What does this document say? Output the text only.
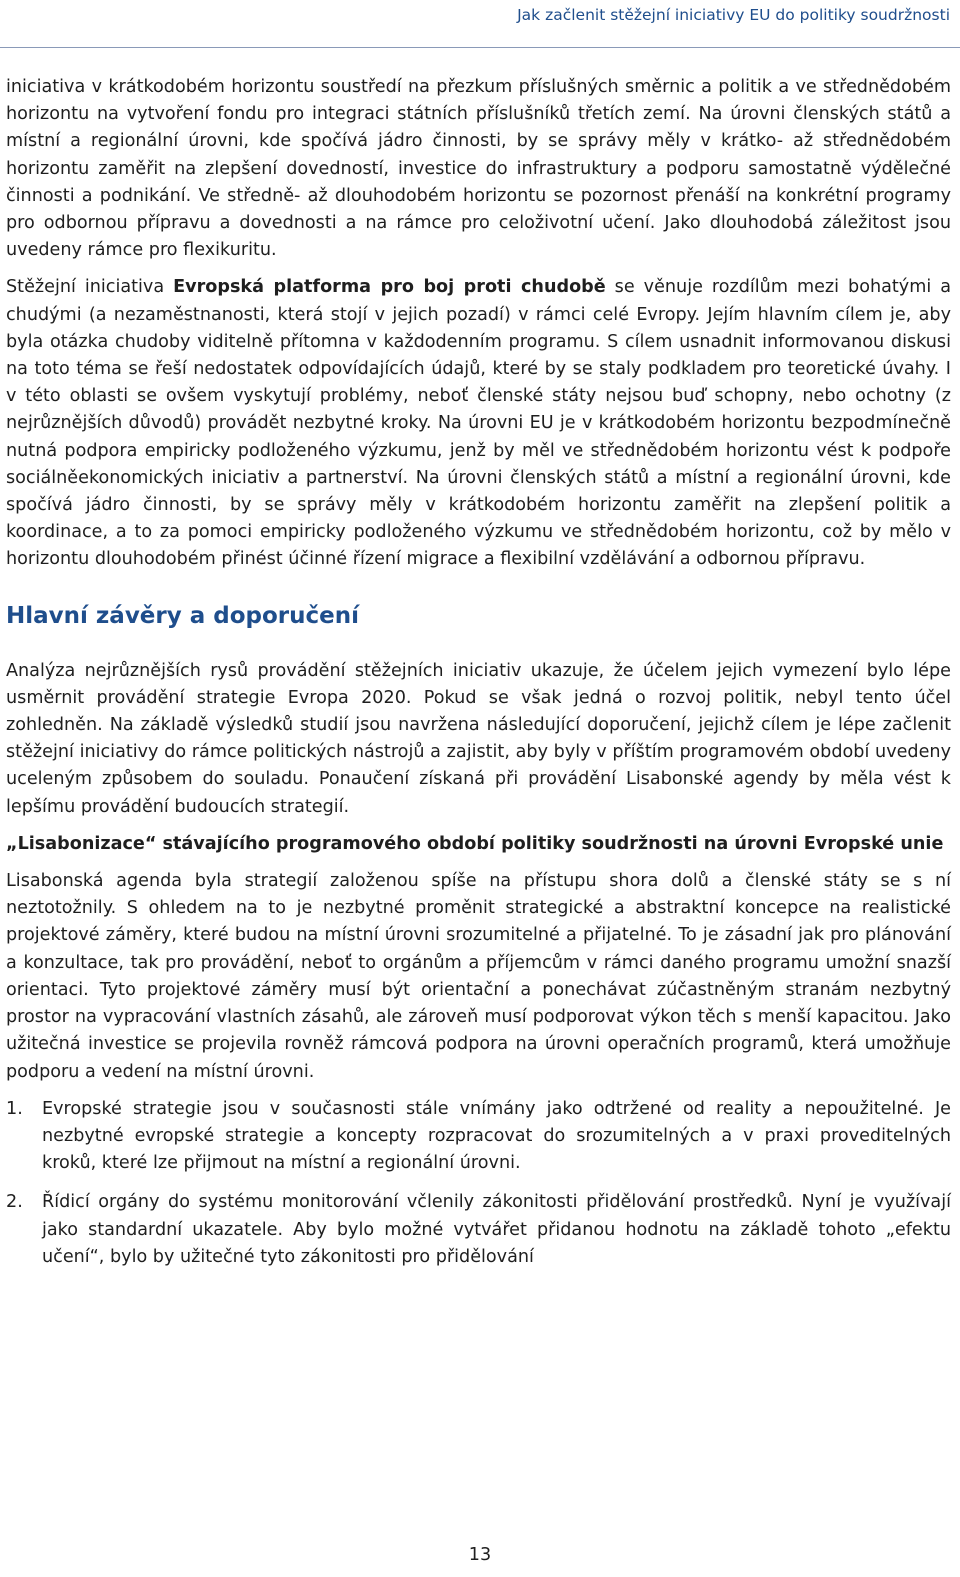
Jak začlenit stěžejní iniciativy EU do politiky soudržnosti

iniciativa v krátkodobém horizontu soustředí na přezkum příslušných směrnic a politik a ve střednědobém horizontu na vytvoření fondu pro integraci státních příslušníků třetích zemí. Na úrovni členských států a místní a regionální úrovni, kde spočívá jádro činnosti, by se správy měly v krátko- až střednědobém horizontu zaměřit na zlepšení dovedností, investice do infrastruktury a podporu samostatně výdělečné činnosti a podnikání. Ve středně- až dlouhodobém horizontu se pozornost přenáší na konkrétní programy pro odbornou přípravu a dovednosti a na rámce pro celoživotní učení. Jako dlouhodobá záležitost jsou uvedeny rámce pro flexikuritu.

Stěžejní iniciativa Evropská platforma pro boj proti chudobě se věnuje rozdílům mezi bohatými a chudými (a nezaměstnanosti, která stojí v jejich pozadí) v rámci celé Evropy. Jejím hlavním cílem je, aby byla otázka chudoby viditelně přítomna v každodenním programu. S cílem usnadnit informovanou diskusi na toto téma se řeší nedostatek odpovídajících údajů, které by se staly podkladem pro teoretické úvahy. I v této oblasti se ovšem vyskytují problémy, neboť členské státy nejsou buď schopny, nebo ochotny (z nejrůznějších důvodů) provádět nezbytné kroky. Na úrovni EU je v krátkodobém horizontu bezpodmínečně nutná podpora empiricky podloženého výzkumu, jenž by měl ve střednědobém horizontu vést k podpoře sociálněekonomických iniciativ a partnerství. Na úrovni členských států a místní a regionální úrovni, kde spočívá jádro činnosti, by se správy měly v krátkodobém horizontu zaměřit na zlepšení politik a koordinace, a to za pomoci empiricky podloženého výzkumu ve střednědobém horizontu, což by mělo v horizontu dlouhodobém přinést účinné řízení migrace a flexibilní vzdělávání a odbornou přípravu.

Hlavní závěry a doporučení

Analýza nejrůznějších rysů provádění stěžejních iniciativ ukazuje, že účelem jejich vymezení bylo lépe usměrnit provádění strategie Evropa 2020. Pokud se však jedná o rozvoj politik, nebyl tento účel zohledněn. Na základě výsledků studií jsou navržena následující doporučení, jejichž cílem je lépe začlenit stěžejní iniciativy do rámce politických nástrojů a zajistit, aby byly v příštím programovém období uvedeny uceleným způsobem do souladu. Ponaučení získaná při provádění Lisabonské agendy by měla vést k lepšímu provádění budoucích strategií.

„Lisabonizace“ stávajícího programového období politiky soudržnosti na úrovni Evropské unie

Lisabonská agenda byla strategií založenou spíše na přístupu shora dolů a členské státy se s ní neztotožnily. S ohledem na to je nezbytné proměnit strategické a abstraktní koncepce na realistické projektové záměry, které budou na místní úrovni srozumitelné a přijatelné. To je zásadní jak pro plánování a konzultace, tak pro provádění, neboť to orgánům a příjemcům v rámci daného programu umožní snazší orientaci. Tyto projektové záměry musí být orientační a ponechávat zúčastněným stranám nezbytný prostor na vypracování vlastních zásahů, ale zároveň musí podporovat výkon těch s menší kapacitou. Jako užitečná investice se projevila rovněž rámcová podpora na úrovni operačních programů, která umožňuje podporu a vedení na místní úrovni.

1. Evropské strategie jsou v současnosti stále vnímány jako odtržené od reality a nepoužitelné. Je nezbytné evropské strategie a koncepty rozpracovat do srozumitelných a v praxi proveditelných kroků, které lze přijmout na místní a regionální úrovni.
2. Řídicí orgány do systému monitorování včlenily zákonitosti přidělování prostředků. Nyní je využívají jako standardní ukazatele. Aby bylo možné vytvářet přidanou hodnotu na základě tohoto „efektu učení“, bylo by užitečné tyto zákonitosti pro přidělování
13
